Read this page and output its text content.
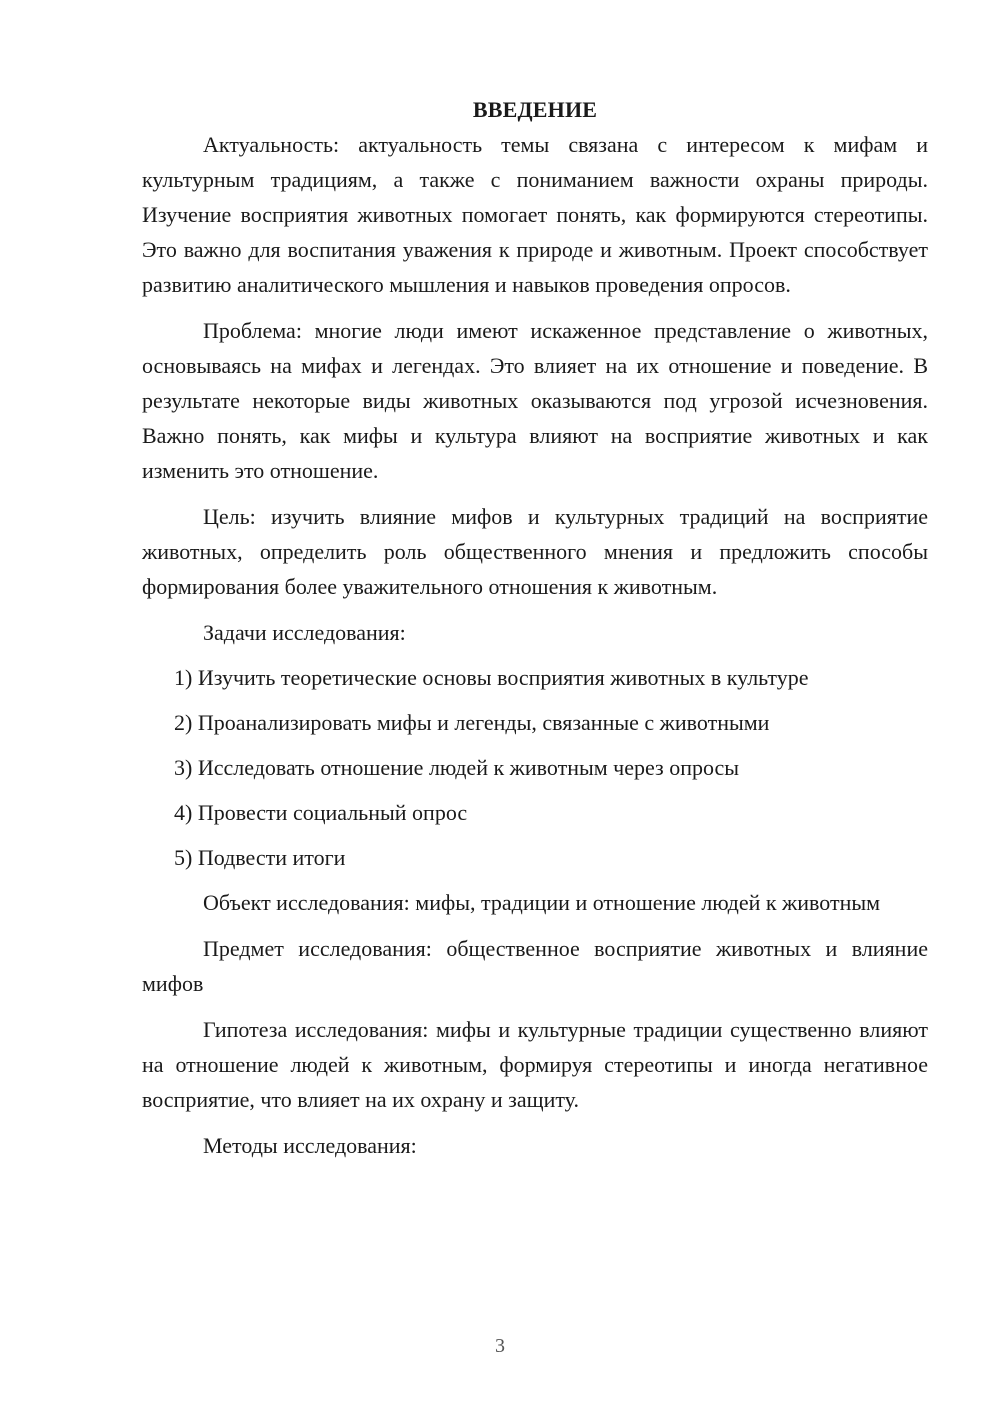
ВВЕДЕНИЕ

Актуальность: актуальность темы связана с интересом к мифам и культурным традициям, а также с пониманием важности охраны природы. Изучение восприятия животных помогает понять, как формируются стереотипы. Это важно для воспитания уважения к природе и животным. Проект способствует развитию аналитического мышления и навыков проведения опросов.

Проблема: многие люди имеют искаженное представление о животных, основываясь на мифах и легендах. Это влияет на их отношение и поведение. В результате некоторые виды животных оказываются под угрозой исчезновения. Важно понять, как мифы и культура влияют на восприятие животных и как изменить это отношение.

Цель: изучить влияние мифов и культурных традиций на восприятие животных, определить роль общественного мнения и предложить способы формирования более уважительного отношения к животным.

Задачи исследования:

1) Изучить теоретические основы восприятия животных в культуре

2) Проанализировать мифы и легенды, связанные с животными

3) Исследовать отношение людей к животным через опросы

4) Провести социальный опрос

5) Подвести итоги

Объект исследования: мифы, традиции и отношение людей к животным

Предмет исследования: общественное восприятие животных и влияние мифов

Гипотеза исследования: мифы и культурные традиции существенно влияют на отношение людей к животным, формируя стереотипы и иногда негативное восприятие, что влияет на их охрану и защиту.

Методы исследования:

3
